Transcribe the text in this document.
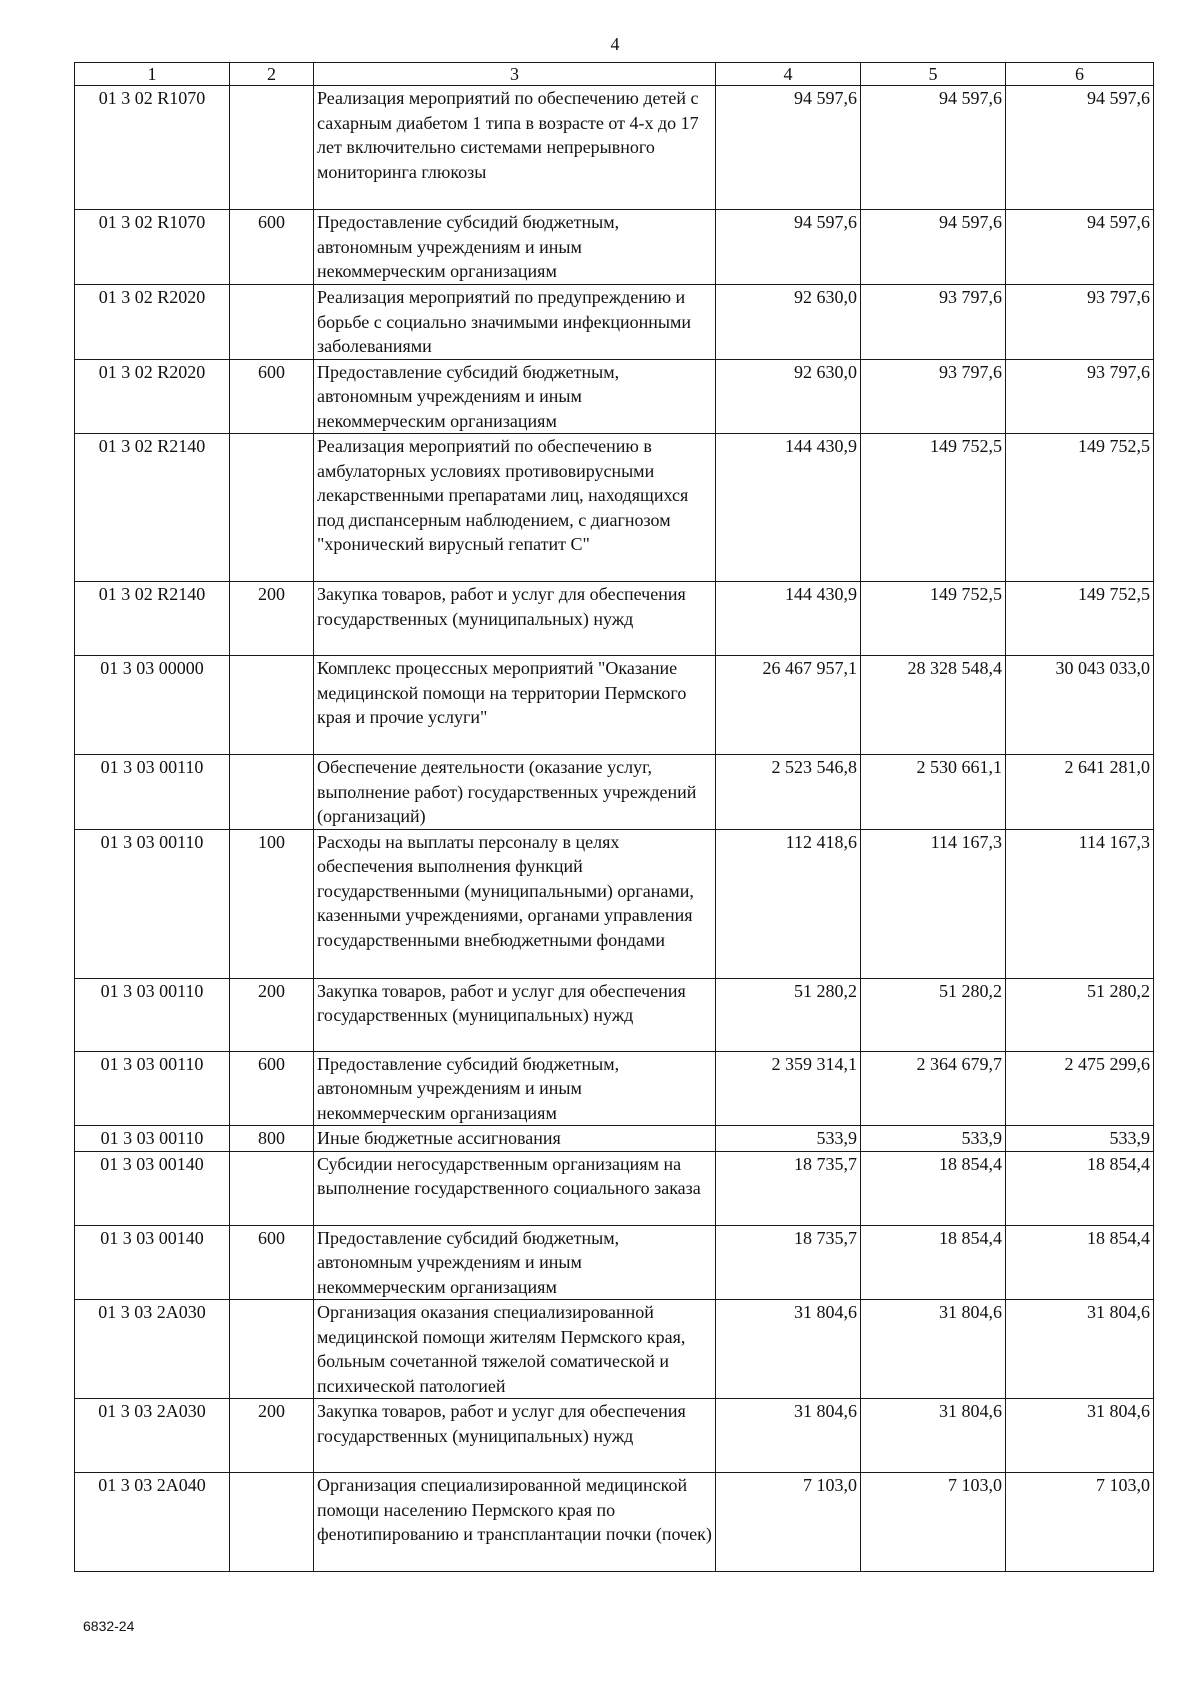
4
1	2	3	4	5	6
01 3 02 R1070		Реализация мероприятий по обеспечению детей с сахарным диабетом 1 типа в возрасте от 4-х до 17 лет включительно системами непрерывного мониторинга глюкозы	94 597,6	94 597,6	94 597,6
01 3 02 R1070	600	Предоставление субсидий бюджетным, автономным учреждениям и иным некоммерческим организациям	94 597,6	94 597,6	94 597,6
01 3 02 R2020		Реализация мероприятий по предупреждению и борьбе с социально значимыми инфекционными заболеваниями	92 630,0	93 797,6	93 797,6
01 3 02 R2020	600	Предоставление субсидий бюджетным, автономным учреждениям и иным некоммерческим организациям	92 630,0	93 797,6	93 797,6
01 3 02 R2140		Реализация мероприятий по обеспечению в амбулаторных условиях противовирусными лекарственными препаратами лиц, находящихся под диспансерным наблюдением, с диагнозом "хронический вирусный гепатит С"	144 430,9	149 752,5	149 752,5
01 3 02 R2140	200	Закупка товаров, работ и услуг для обеспечения государственных (муниципальных) нужд	144 430,9	149 752,5	149 752,5
01 3 03 00000		Комплекс процессных мероприятий "Оказание медицинской помощи на территории Пермского края и прочие услуги"	26 467 957,1	28 328 548,4	30 043 033,0
01 3 03 00110		Обеспечение деятельности (оказание услуг, выполнение работ) государственных учреждений (организаций)	2 523 546,8	2 530 661,1	2 641 281,0
01 3 03 00110	100	Расходы на выплаты персоналу в целях обеспечения выполнения функций государственными (муниципальными) органами, казенными учреждениями, органами управления государственными внебюджетными фондами	112 418,6	114 167,3	114 167,3
01 3 03 00110	200	Закупка товаров, работ и услуг для обеспечения государственных (муниципальных) нужд	51 280,2	51 280,2	51 280,2
01 3 03 00110	600	Предоставление субсидий бюджетным, автономным учреждениям и иным некоммерческим организациям	2 359 314,1	2 364 679,7	2 475 299,6
01 3 03 00110	800	Иные бюджетные ассигнования	533,9	533,9	533,9
01 3 03 00140		Субсидии негосударственным организациям на выполнение государственного социального заказа	18 735,7	18 854,4	18 854,4
01 3 03 00140	600	Предоставление субсидий бюджетным, автономным учреждениям и иным некоммерческим организациям	18 735,7	18 854,4	18 854,4
01 3 03 2А030		Организация оказания специализированной медицинской помощи жителям Пермского края, больным сочетанной тяжелой соматической и психической патологией	31 804,6	31 804,6	31 804,6
01 3 03 2А030	200	Закупка товаров, работ и услуг для обеспечения государственных (муниципальных) нужд	31 804,6	31 804,6	31 804,6
01 3 03 2А040		Организация специализированной медицинской помощи населению Пермского края по фенотипированию и трансплантации почки (почек)	7 103,0	7 103,0	7 103,0
6832-24
